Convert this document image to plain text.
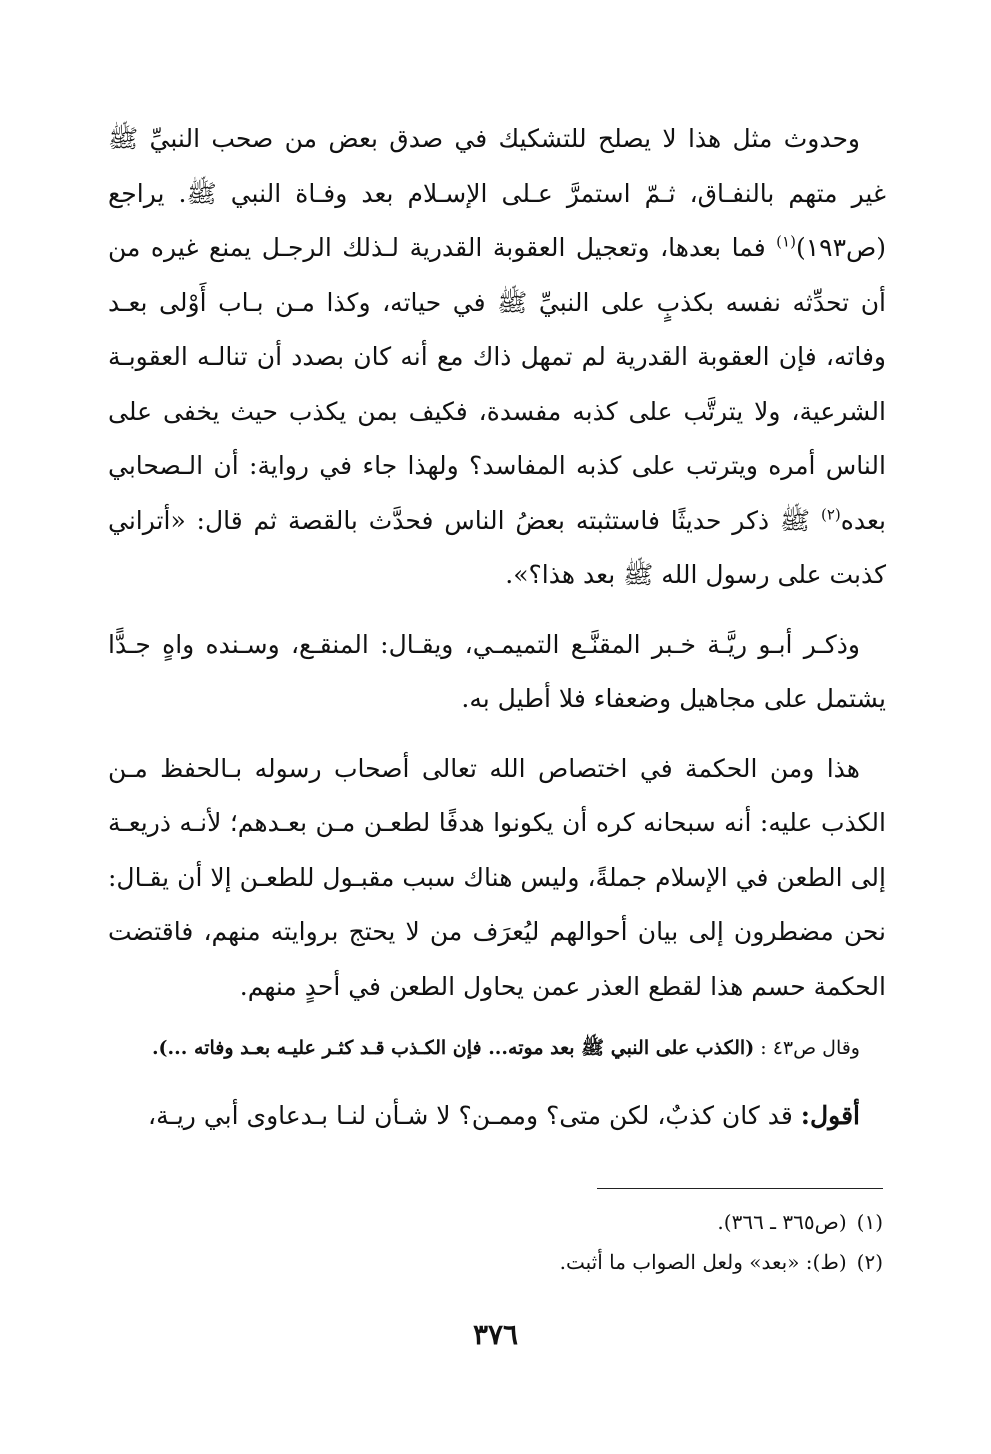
وحدوث مثل هذا لا يصلح للتشكيك في صدق بعض من صحب النبيِّ ﷺ غير متهم بالنفـاق، ثـمّ استمرَّ عـلى الإسـلام بعد وفـاة النبي ﷺ. يراجع (ص١٩٣)$^{(١)}$ فما بعدها، وتعجيل العقوبة القدرية لـذلك الرجـل يمنع غيره من أن تحدِّثه نفسه بكذبٍ على النبيِّ ﷺ في حياته، وكذا مـن بـاب أَوْلى بعـد وفاته، فإن العقوبة القدرية لم تمهل ذاك مع أنه كان بصدد أن تنالـه العقوبـة الشرعية، ولا يترتَّب على كذبه مفسدة، فكيف بمن يكذب حيث يخفى على الناس أمره ويترتب على كذبه المفاسد؟ ولهذا جاء في رواية: أن الـصحابي بعده$^{(٢)}$ ﷺ ذكر حديثًا فاستثبته بعضُ الناس فحدَّث بالقصة ثم قال: «أتراني كذبت على رسول الله ﷺ بعد هذا؟».

وذكـر أبـو ريَّـة خـبر المقنَّـع التميمـي، ويقـال: المنقـع، وسـنده واهٍ جـدًّا يشتمل على مجاهيل وضعفاء فلا أطيل به.

هذا ومن الحكمة في اختصاص الله تعالى أصحاب رسوله بـالحفظ مـن الكذب عليه: أنه سبحانه كره أن يكونوا هدفًا لطعـن مـن بعـدهم؛ لأنـه ذريعـة إلى الطعن في الإسلام جملةً، وليس هناك سبب مقبـول للطعـن إلا أن يقـال: نحن مضطرون إلى بيان أحوالهم ليُعرَف من لا يحتج بروايته منهم، فاقتضت الحكمة حسم هذا لقطع العذر عمن يحاول الطعن في أحدٍ منهم.

وقال ص٤٣ : (الكذب على النبي ﷺ بعد موته... فإن الكـذب قـد كثـر عليـه بعـد وفاته ...).

أقول: قد كان كذبٌ، لكن متى؟ وممـن؟ لا شـأن لنـا بـدعاوى أبي ريـة،

(١)(ص٣٦٥ ـ ٣٦٦).
(٢)(ط): «بعد» ولعل الصواب ما أثبت.
٣٧٦
